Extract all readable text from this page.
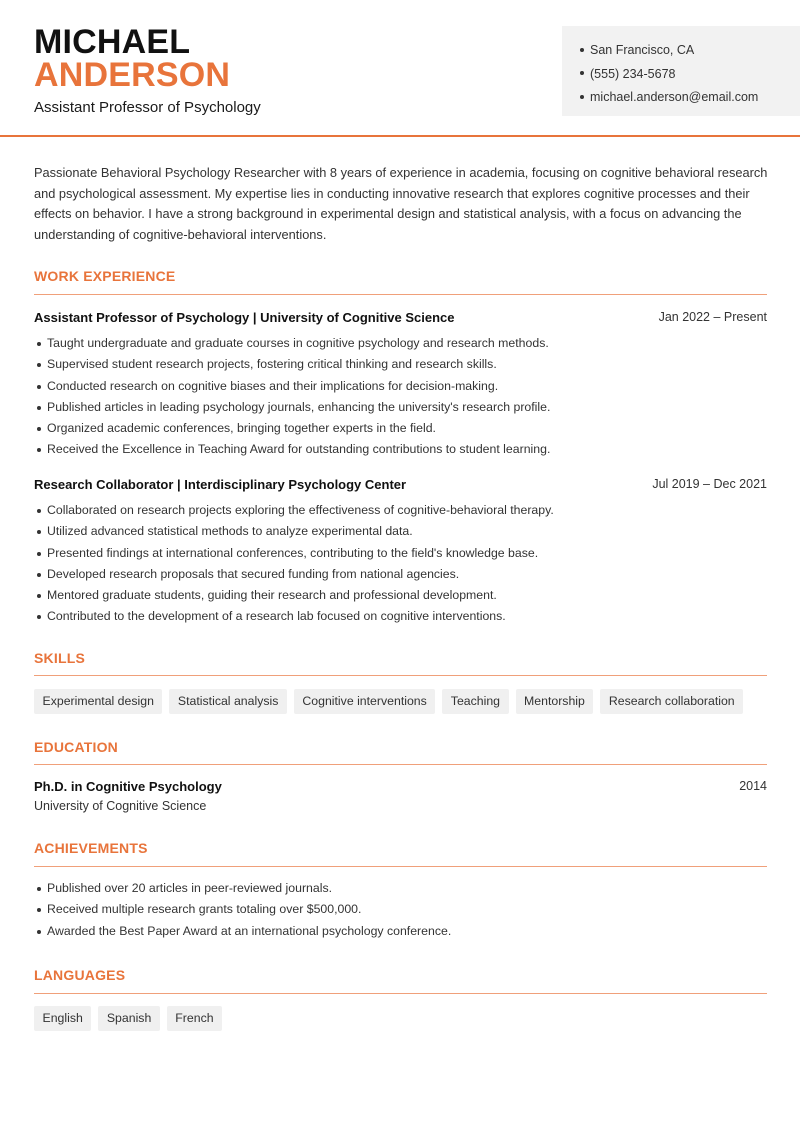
MICHAEL
ANDERSON
Assistant Professor of Psychology
San Francisco, CA
(555) 234-5678
michael.anderson@email.com

Passionate Behavioral Psychology Researcher with 8 years of experience in academia, focusing on cognitive behavioral research and psychological assessment. My expertise lies in conducting innovative research that explores cognitive processes and their effects on behavior. I have a strong background in experimental design and statistical analysis, with a focus on advancing the understanding of cognitive-behavioral interventions.

WORK EXPERIENCE
Assistant Professor of Psychology | University of Cognitive Science	Jan 2022 – Present
Taught undergraduate and graduate courses in cognitive psychology and research methods.
Supervised student research projects, fostering critical thinking and research skills.
Conducted research on cognitive biases and their implications for decision-making.
Published articles in leading psychology journals, enhancing the university's research profile.
Organized academic conferences, bringing together experts in the field.
Received the Excellence in Teaching Award for outstanding contributions to student learning.
Research Collaborator | Interdisciplinary Psychology Center	Jul 2019 – Dec 2021
Collaborated on research projects exploring the effectiveness of cognitive-behavioral therapy.
Utilized advanced statistical methods to analyze experimental data.
Presented findings at international conferences, contributing to the field's knowledge base.
Developed research proposals that secured funding from national agencies.
Mentored graduate students, guiding their research and professional development.
Contributed to the development of a research lab focused on cognitive interventions.
SKILLS
Experimental design	Statistical analysis	Cognitive interventions	Teaching	Mentorship	Research collaboration
EDUCATION
Ph.D. in Cognitive Psychology	2014
University of Cognitive Science
ACHIEVEMENTS
Published over 20 articles in peer-reviewed journals.
Received multiple research grants totaling over $500,000.
Awarded the Best Paper Award at an international psychology conference.
LANGUAGES
English	Spanish	French
